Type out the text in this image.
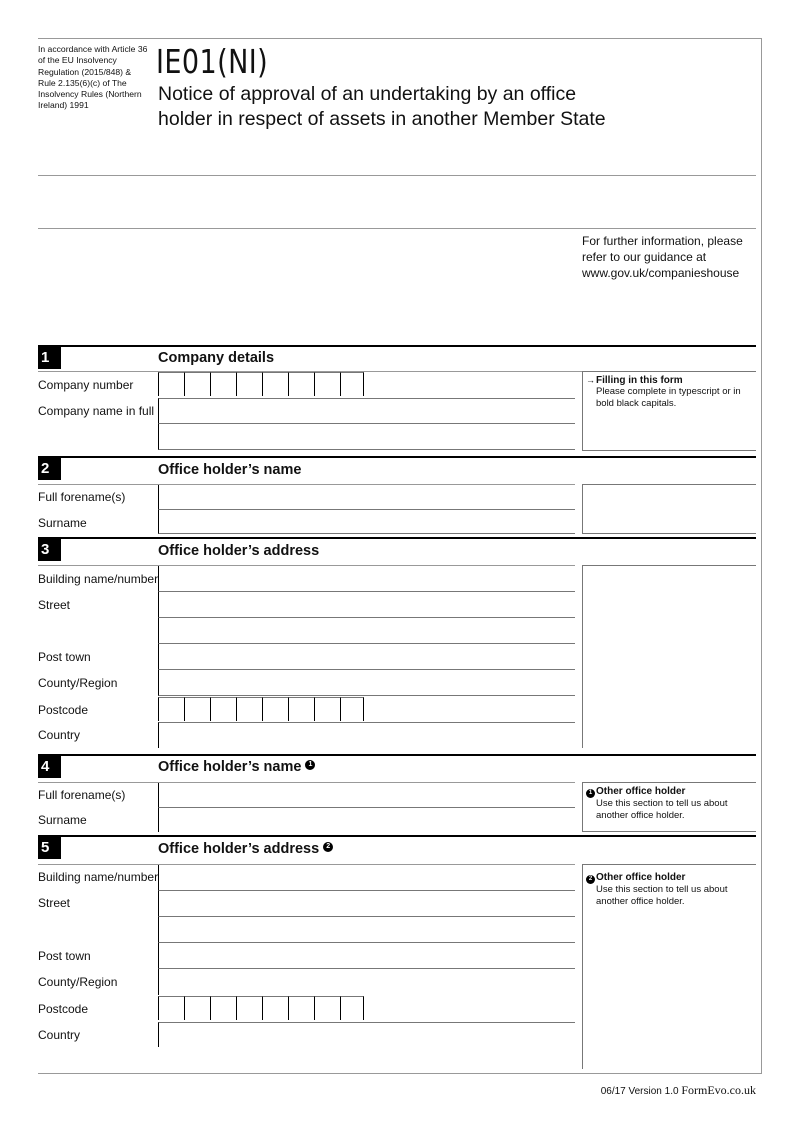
In accordance with Article 36 of the EU Insolvency Regulation (2015/848) & Rule 2.135(6)(c) of The Insolvency Rules (Northern Ireland) 1991
IE01(NI)
Notice of approval of an undertaking by an office holder in respect of assets in another Member State
For further information, please refer to our guidance at www.gov.uk/companieshouse
1	Company details
Company number
Company name in full
→Filling in this form
Please complete in typescript or in bold black capitals.
2	Office holder’s name
Full forename(s)
Surname
3	Office holder’s address
Building name/number
Street
Post town
County/Region
Postcode
Country
4	Office holder’s name 1
Full forename(s)
Surname
1 Other office holder
Use this section to tell us about another office holder.
5	Office holder’s address 2
Building name/number
Street
Post town
County/Region
Postcode
Country
2 Other office holder
Use this section to tell us about another office holder.
06/17 Version 1.0 FormEvo.co.uk
